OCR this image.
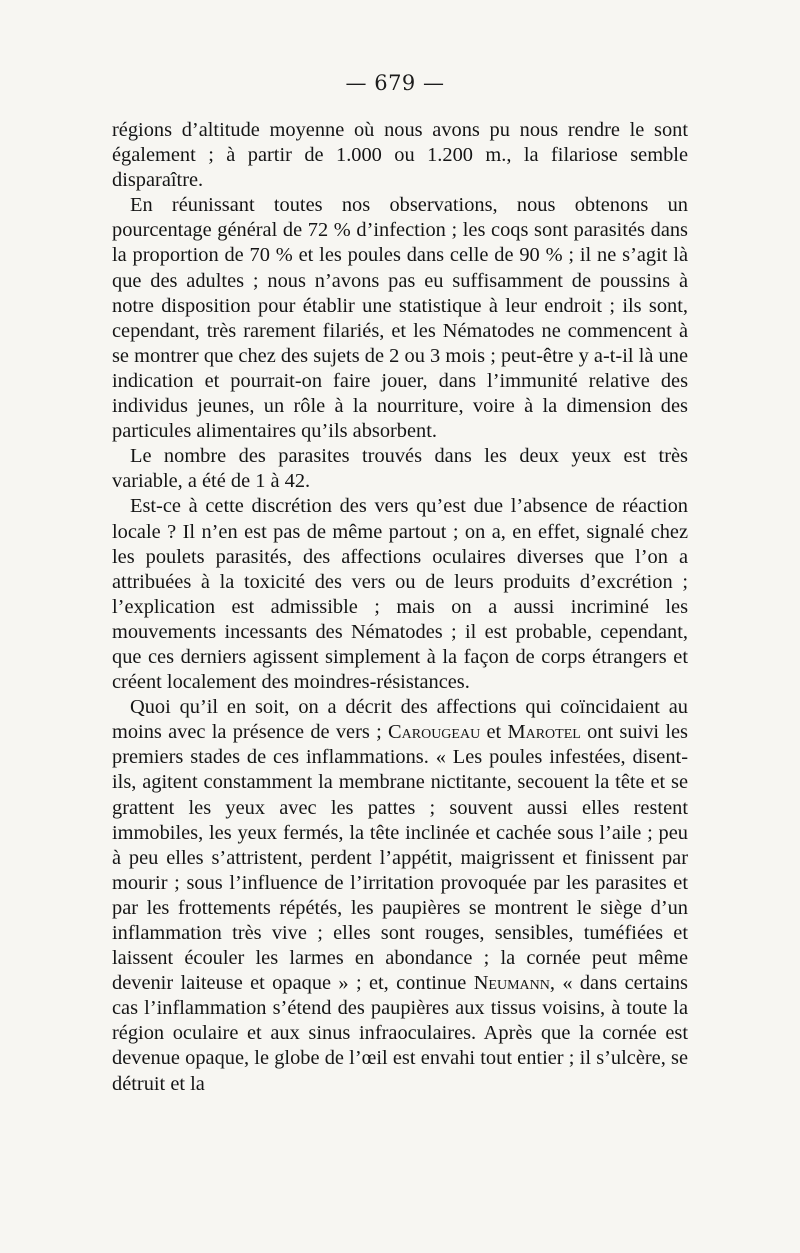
— 679 —

régions d’altitude moyenne où nous avons pu nous rendre le sont également ; à partir de 1.000 ou 1.200 m., la filariose semble disparaître.

En réunissant toutes nos observations, nous obtenons un pourcentage général de 72 % d’infection ; les coqs sont parasités dans la proportion de 70 % et les poules dans celle de 90 % ; il ne s’agit là que des adultes ; nous n’avons pas eu suffisamment de poussins à notre disposition pour établir une statistique à leur endroit ; ils sont, cependant, très rarement filariés, et les Nématodes ne commencent à se montrer que chez des sujets de 2 ou 3 mois ; peut-être y a-t-il là une indication et pourrait-on faire jouer, dans l’immunité relative des individus jeunes, un rôle à la nourriture, voire à la dimension des particules alimentaires qu’ils absorbent.

Le nombre des parasites trouvés dans les deux yeux est très variable, a été de 1 à 42.

Est-ce à cette discrétion des vers qu’est due l’absence de réaction locale ? Il n’en est pas de même partout ; on a, en effet, signalé chez les poulets parasités, des affections oculaires diverses que l’on a attribuées à la toxicité des vers ou de leurs produits d’excrétion ; l’explication est admissible ; mais on a aussi incriminé les mouvements incessants des Nématodes ; il est probable, cependant, que ces derniers agissent simplement à la façon de corps étrangers et créent localement des moindres-résistances.

Quoi qu’il en soit, on a décrit des affections qui coïncidaient au moins avec la présence de vers ; Carougeau et Marotel ont suivi les premiers stades de ces inflammations. « Les poules infestées, disent-ils, agitent constamment la membrane nictitante, secouent la tête et se grattent les yeux avec les pattes ; souvent aussi elles restent immobiles, les yeux fermés, la tête inclinée et cachée sous l’aile ; peu à peu elles s’attristent, perdent l’appétit, maigrissent et finissent par mourir ; sous l’influence de l’irritation provoquée par les parasites et par les frottements répétés, les paupières se montrent le siège d’un inflammation très vive ; elles sont rouges, sensibles, tuméfiées et laissent écouler les larmes en abondance ; la cornée peut même devenir laiteuse et opaque » ; et, continue Neumann, « dans certains cas l’inflammation s’étend des paupières aux tissus voisins, à toute la région oculaire et aux sinus infraoculaires. Après que la cornée est devenue opaque, le globe de l’œil est envahi tout entier ; il s’ulcère, se détruit et la
